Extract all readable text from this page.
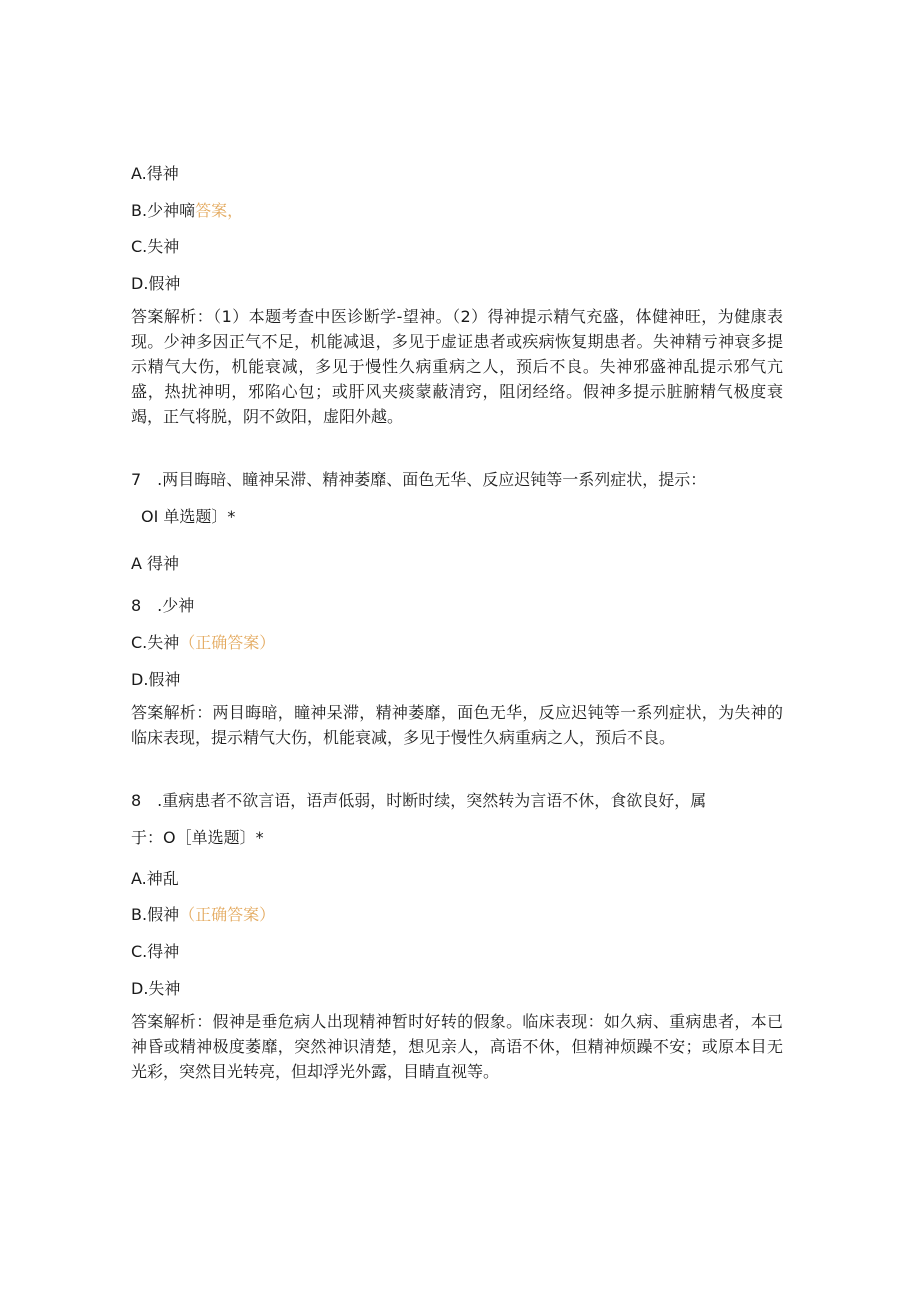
A.得神
B.少神嘀答案，
C.失神
D.假神
答案解析：（1）本题考查中医诊断学-望神。（2）得神提示精气充盛，体健神旺，为健康表现。少神多因正气不足，机能减退，多见于虚证患者或疾病恢复期患者。失神精亏神衰多提示精气大伤，机能衰减，多见于慢性久病重病之人，预后不良。失神邪盛神乱提示邪气亢盛，热扰神明，邪陷心包；或肝风夹痰蒙蔽清窍，阻闭经络。假神多提示脏腑精气极度衰竭，正气将脱，阴不敛阳，虚阳外越。
7　.两目晦暗、瞳神呆滞、精神萎靡、面色无华、反应迟钝等一系列症状，提示：
OI 单选题〕*
A 得神
8　.少神
C.失神（正确答案）
D.假神
答案解析：两目晦暗，瞳神呆滞，精神萎靡，面色无华，反应迟钝等一系列症状，为失神的临床表现，提示精气大伤，机能衰减，多见于慢性久病重病之人，预后不良。
8　.重病患者不欲言语，语声低弱，时断时续，突然转为言语不休，食欲良好，属
于：O［单选题〕*
A.神乱
B.假神（正确答案）
C.得神
D.失神
答案解析：假神是垂危病人出现精神暂时好转的假象。临床表现：如久病、重病患者，本已神昏或精神极度萎靡，突然神识清楚，想见亲人，高语不休，但精神烦躁不安；或原本目无光彩，突然目光转亮，但却浮光外露，目睛直视等。
